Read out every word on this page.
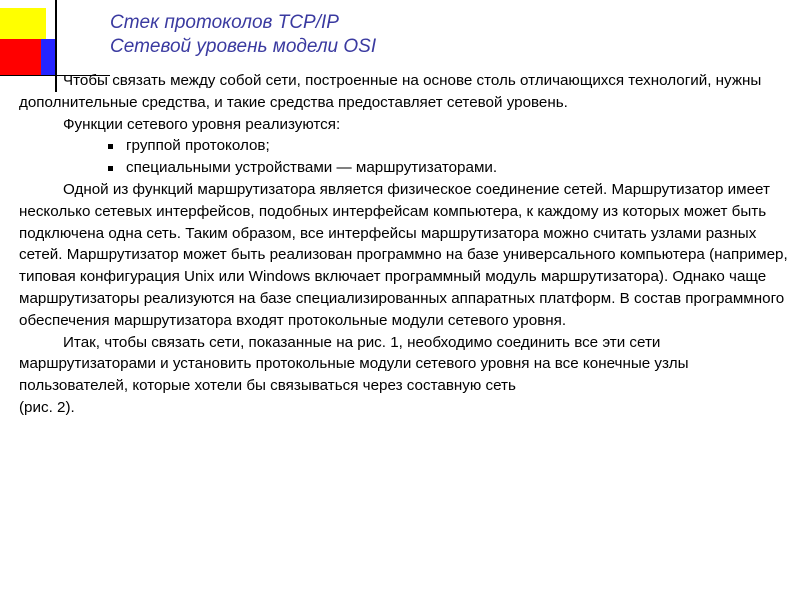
Стек протоколов TCP/IP
Сетевой уровень модели OSI

Чтобы связать между собой сети, построенные на основе столь отличающихся технологий, нужны дополнительные средства, и такие средства предоставляет сетевой уровень.

Функции сетевого уровня реализуются:

группой протоколов;
специальными устройствами — маршрутизаторами.

Одной из функций маршрутизатора является физическое соединение сетей. Маршрутизатор имеет несколько сетевых интерфейсов, подобных интерфейсам компьютера, к каждому из которых может быть подключена одна сеть. Таким образом, все интерфейсы маршрутизатора можно считать узлами разных сетей. Маршрутизатор может быть реализован программно на базе универсального компьютера (например, типовая конфигурация Unix или Windows включает программный модуль маршрутизатора). Однако чаще маршрутизаторы реализуются на базе специализированных аппаратных платформ. В состав программного обеспечения маршрутизатора входят протокольные модули сетевого уровня.

Итак, чтобы связать сети, показанные на рис. 1, необходимо соединить все эти сети маршрутизаторами и установить протокольные модули сетевого уровня на все конечные узлы пользователей, которые хотели бы связываться через составную сеть

(рис. 2).
